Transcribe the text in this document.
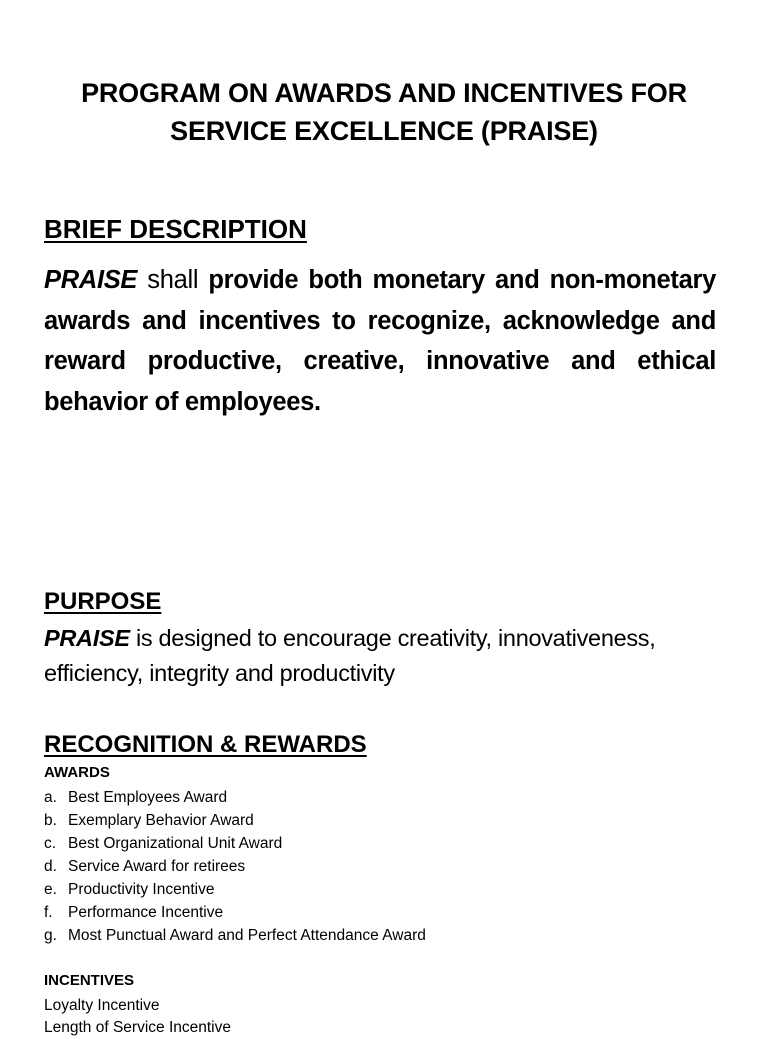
PROGRAM ON AWARDS AND INCENTIVES FOR
SERVICE EXCELLENCE (PRAISE)
BRIEF DESCRIPTION
PRAISE shall provide both monetary and non-monetary awards and incentives to recognize, acknowledge and reward productive, creative, innovative and ethical behavior of employees.
PURPOSE
PRAISE is designed to encourage creativity, innovativeness, efficiency, integrity and productivity
RECOGNITION & REWARDS
AWARDS
a. Best Employees Award
b. Exemplary Behavior Award
c. Best Organizational Unit Award
d. Service Award for retirees
e. Productivity Incentive
f. Performance Incentive
g. Most Punctual Award and Perfect Attendance Award
INCENTIVES
Loyalty Incentive
Length of Service Incentive
